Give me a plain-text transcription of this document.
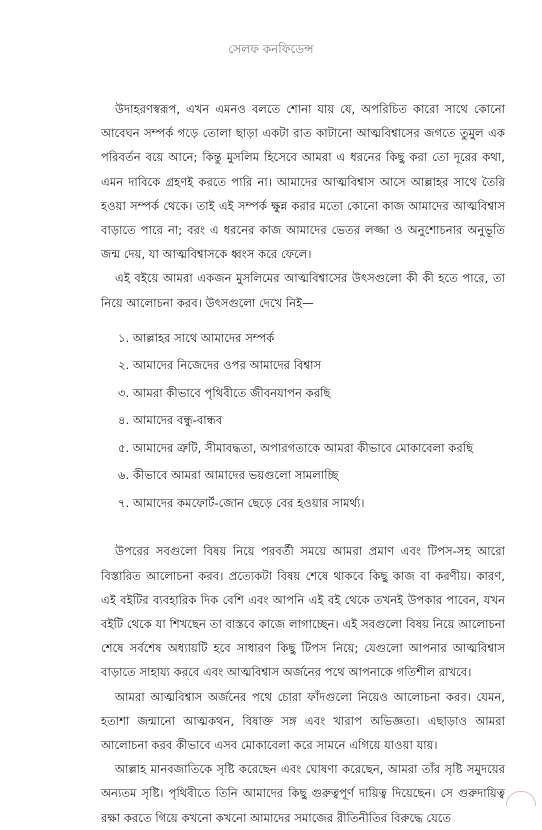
সেলফ কনফিডেন্স

উদাহরণস্বরূপ, এখন এমনও বলতে শোনা যায় যে, অপরিচিত কারো সাথে কোনো আবেঘন সম্পর্ক গড়ে তোলা ছাড়া একটা রাত কাটানো আত্মবিশ্বাসের জগতে তুমুল এক পরিবর্তন বয়ে আনে; কিন্তু মুসলিম হিসেবে আমরা এ ধরনের কিছু করা তো দূরের কথা, এমন দাবিকে গ্রহণই করতে পারি না। আমাদের আত্মবিশ্বাস আসে আল্লাহর সাথে তৈরি হওয়া সম্পর্ক থেকে। তাই এই সম্পর্ক ক্ষুন্ন করার মতো কোনো কাজ আমাদের আত্মবিশ্বাস বাড়াতে পারে না; বরং এ ধরনের কাজ আমাদের ভেতর লজ্জা ও অনুশোচনার অনুভূতি জন্ম দেয়, যা আত্মবিশ্বাসকে ধ্বংস করে ফেলে।

এই বইয়ে আমরা একজন মুসলিমের আত্মবিশ্বাসের উৎসগুলো কী কী হতে পারে, তা নিয়ে আলোচনা করব। উৎসগুলো দেখে নিই—

১. আল্লাহর সাথে আমাদের সম্পর্ক
২. আমাদের নিজেদের ওপর আমাদের বিশ্বাস
৩. আমরা কীভাবে পৃথিবীতে জীবনযাপন করছি
৪. আমাদের বন্ধু-বান্ধব
৫. আমাদের ত্রুটি, সীমাবদ্ধতা, অপারগতাকে আমরা কীভাবে মোকাবেলা করছি
৬. কীভাবে আমরা আমাদের ভয়গুলো সামলাচ্ছি
৭. আমাদের কমফোর্ট-জোন ছেড়ে বের হওয়ার সামর্থ্য।

উপরের সবগুলো বিষয় নিয়ে পরবর্তী সময়ে আমরা প্রমাণ এবং টিপস-সহ আরো বিস্তারিত আলোচনা করব। প্রত্যেকটা বিষয় শেষে থাকবে কিছু কাজ বা করণীয়। কারণ, এই বইটির ব্যবহারিক দিক বেশি এবং আপনি এই বই থেকে তখনই উপকার পাবেন, যখন বইটি থেকে যা শিখছেন তা বাস্তবে কাজে লাগাচ্ছেন। এই সবগুলো বিষয় নিয়ে আলোচনা শেষে সর্বশেষ অধ্যায়টি হবে সাধারণ কিছু টিপস নিয়ে; যেগুলো আপনার আত্মবিশ্বাস বাড়াতে সাহায্য করবে এবং আত্মবিশ্বাস অর্জনের পথে আপনাকে গতিশীল রাখবে।

আমরা আত্মবিশ্বাস অর্জনের পথে চোরা ফাঁদগুলো নিয়েও আলোচনা করব। যেমন, হতাশা জন্মানো আত্মকথন, বিষাক্ত সঙ্গ এবং খারাপ অভিজ্ঞতা। এছাড়াও আমরা আলোচনা করব কীভাবে এসব মোকাবেলা করে সামনে এগিয়ে যাওয়া যায়।

আল্লাহ মানবজাতিকে সৃষ্টি করেছেন এবং ঘোষণা করেছেন, আমরা তাঁর সৃষ্টি সমুদয়ের অন্যতম সৃষ্টি। পৃথিবীতে তিনি আমাদের কিছু গুরুত্বপূর্ণ দায়িত্ব দিয়েছেন। সে গুরুদায়িত্ব রক্ষা করতে গিয়ে কখনো কখনো আমাদের সমাজের রীতিনীতির বিরুদ্ধে যেতে
